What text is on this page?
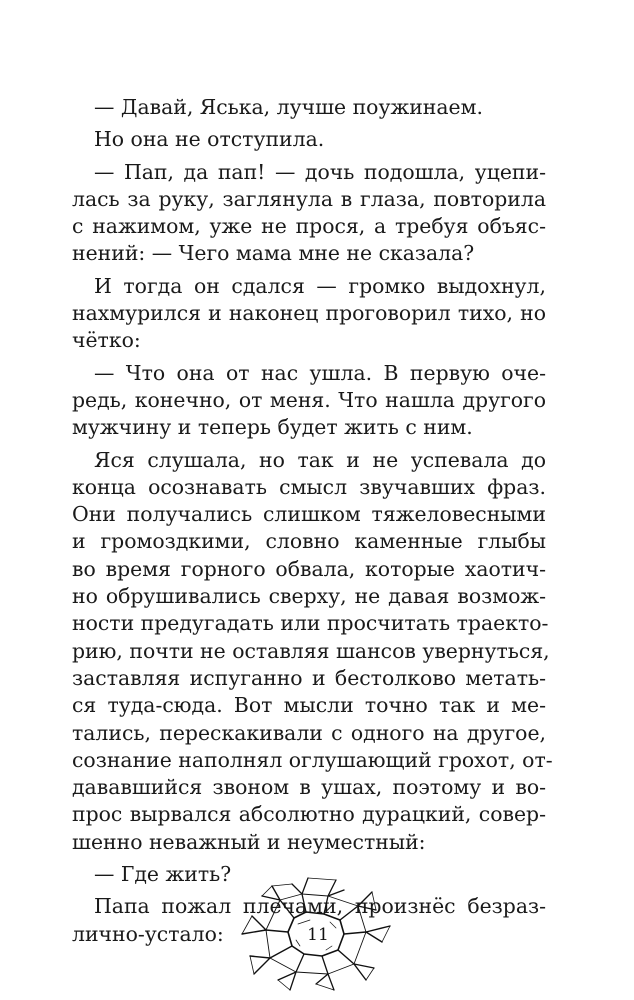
— Давай, Яська, лучше поужинаем.
Но она не отступила.
— Пап, да пап! — дочь подошла, уцепи-
лась за руку, заглянула в глаза, повторила
с нажимом, уже не прося, а требуя объяс-
нений: — Чего мама мне не сказала?
И тогда он сдался — громко выдохнул,
нахмурился и наконец проговорил тихо, но
чётко:
— Что она от нас ушла. В первую оче-
редь, конечно, от меня. Что нашла другого
мужчину и теперь будет жить с ним.
Яся слушала, но так и не успевала до
конца осознавать смысл звучавших фраз.
Они получались слишком тяжеловесными
и громоздкими, словно каменные глыбы
во время горного обвала, которые хаотич-
но обрушивались сверху, не давая возмож-
ности предугадать или просчитать траекто-
рию, почти не оставляя шансов увернуться,
заставляя испуганно и бестолково метать-
ся туда-сюда. Вот мысли точно так и ме-
тались, перескакивали с одного на другое,
сознание наполнял оглушающий грохот, от-
дававшийся звоном в ушах, поэтому и во-
прос вырвался абсолютно дурацкий, совер-
шенно неважный и неуместный:
— Где жить?
Папа пожал плечами, произнёс безраз-
лично-устало:	11
